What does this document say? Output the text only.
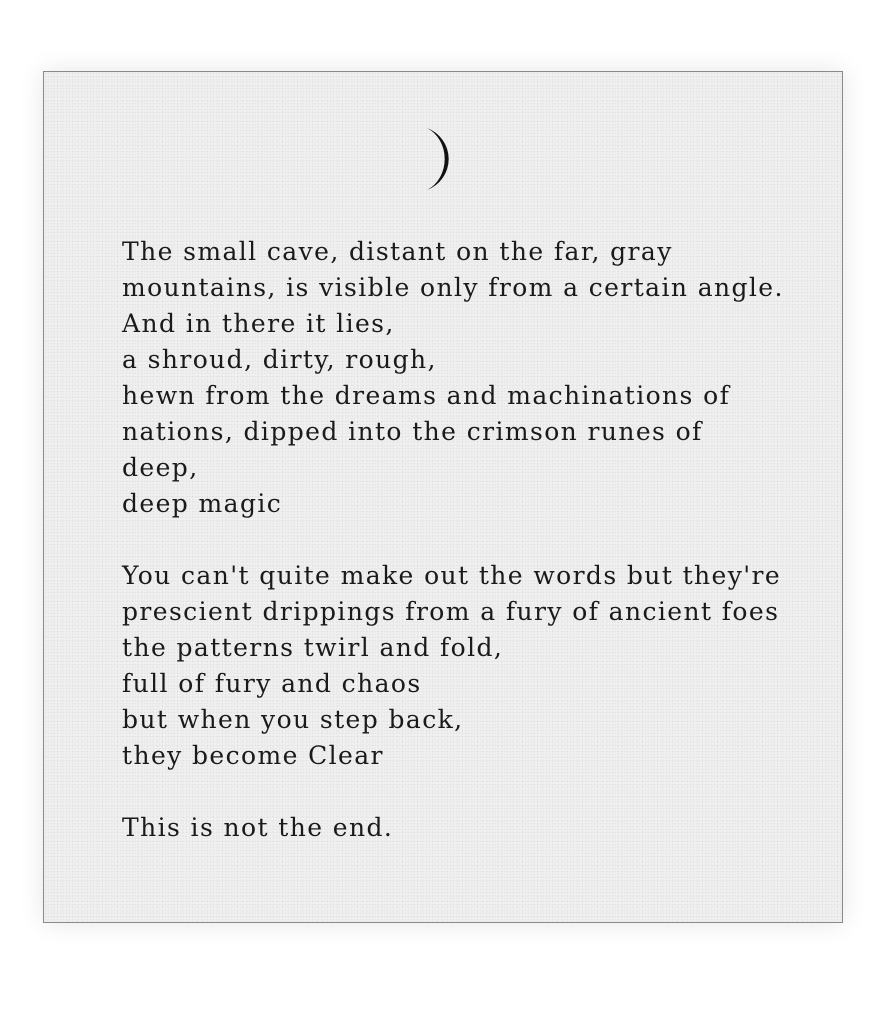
The small cave, distant on the far, gray
mountains, is visible only from a certain angle.
And in there it lies,
a shroud, dirty, rough,
hewn from the dreams and machinations of
nations, dipped into the crimson runes of
deep,
deep magic
You can't quite make out the words but they're
prescient drippings from a fury of ancient foes
the patterns twirl and fold,
full of fury and chaos
but when you step back,
they become Clear
This is not the end.
